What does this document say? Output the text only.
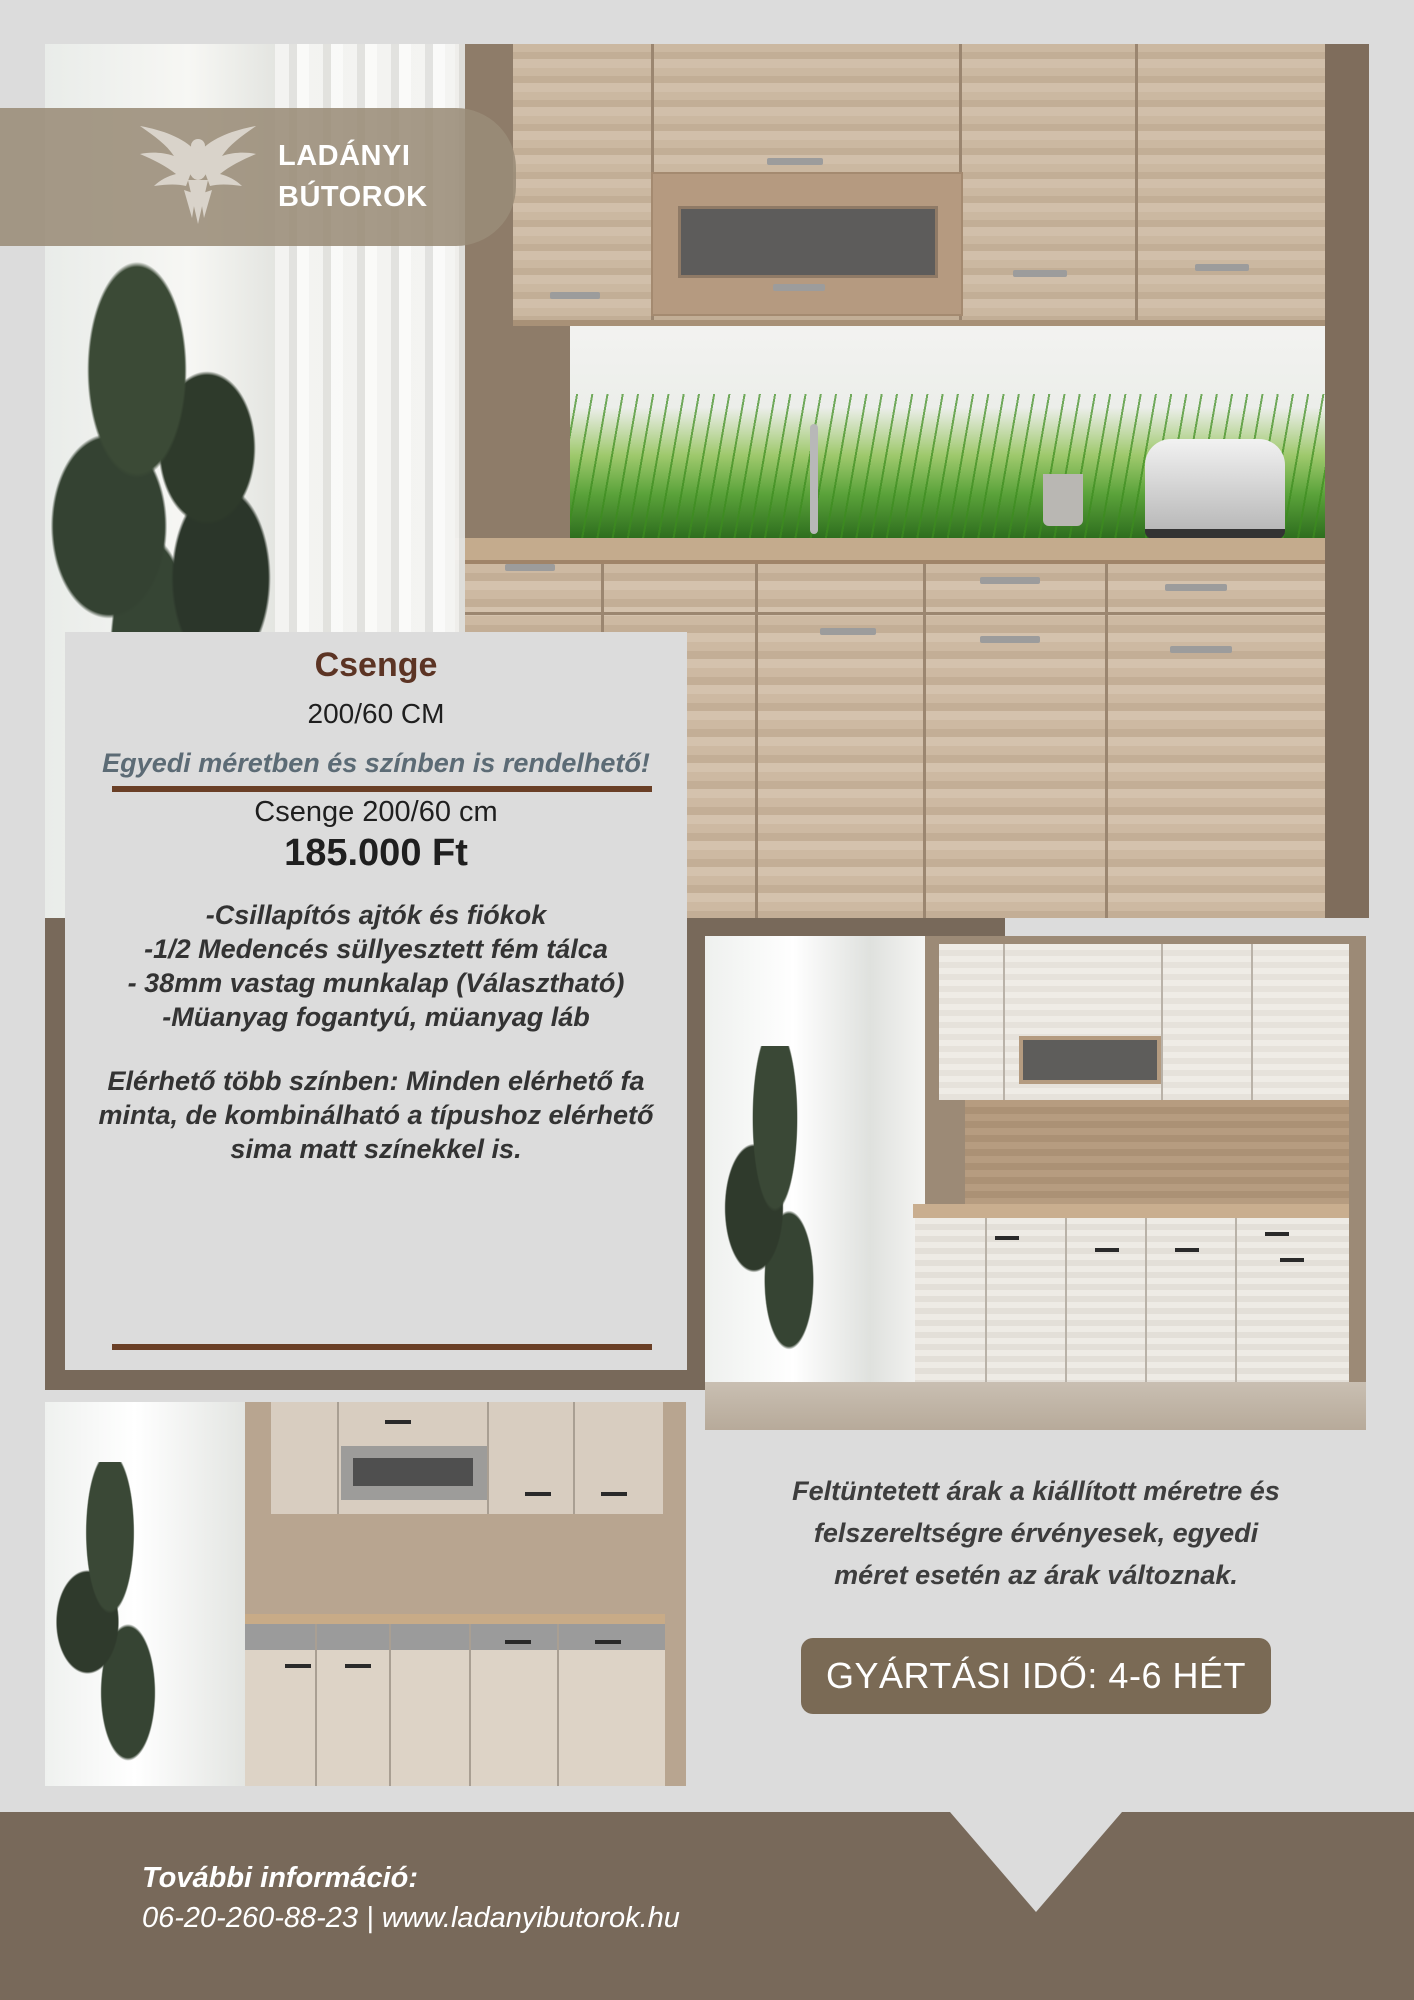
LADÁNYI
BÚTOROK
Csenge
200/60 CM
Egyedi méretben és színben is rendelhető!
Csenge 200/60 cm
185.000 Ft
-Csillapítós ajtók és fiókok
-1/2 Medencés süllyesztett fém tálca
- 38mm vastag munkalap (Választható)
-Müanyag fogantyú, müanyag láb
Elérhető több színben: Minden elérhető fa minta, de kombinálható a típushoz elérhető sima matt színekkel is.
Feltüntetett árak a kiállított méretre és
felszereltségre érvényesek, egyedi
méret esetén az árak változnak.
GYÁRTÁSI IDŐ: 4-6 HÉT
További információ:
06-20-260-88-23 | www.ladanyibutorok.hu
